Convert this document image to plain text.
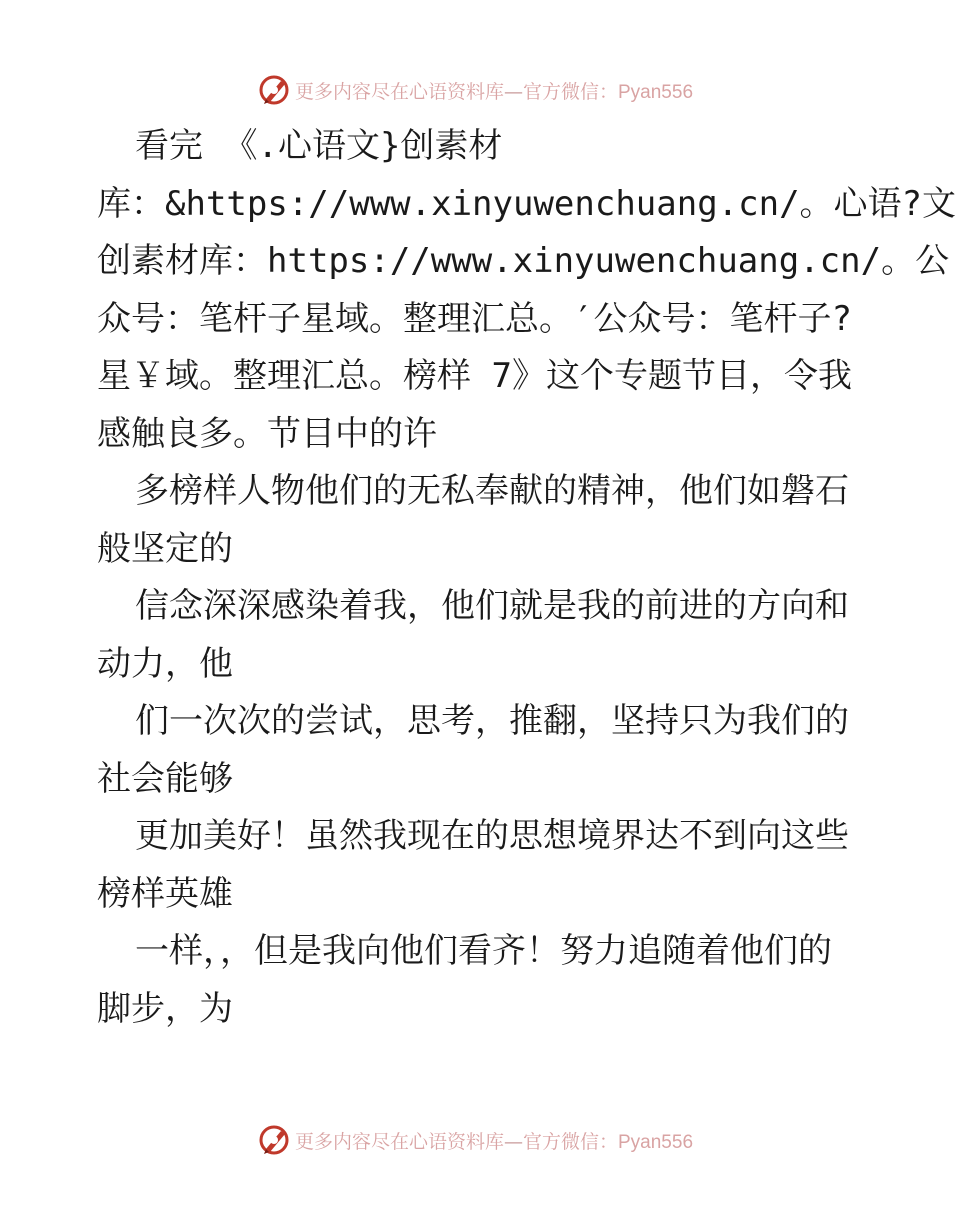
更多内容尽在心语资料库—官方微信：Pyan556
看完 《.心语文}创素材
库：&https://www.xinyuwenchuang.cn/。心语?文
创素材库：https://www.xinyuwenchuang.cn/。公
众号：笔杆子星域。整理汇总。′公众号：笔杆子?
星￥域。整理汇总。榜样 7》这个专题节目，令我
感触良多。节目中的许
多榜样人物他们的无私奉献的精神，他们如磐石
般坚定的
信念深深感染着我，他们就是我的前进的方向和
动力，他
们一次次的尝试，思考，推翻，坚持只为我们的
社会能够
更加美好！虽然我现在的思想境界达不到向这些
榜样英雄
一样，，但是我向他们看齐！努力追随着他们的
脚步，为
更多内容尽在心语资料库—官方微信：Pyan556
